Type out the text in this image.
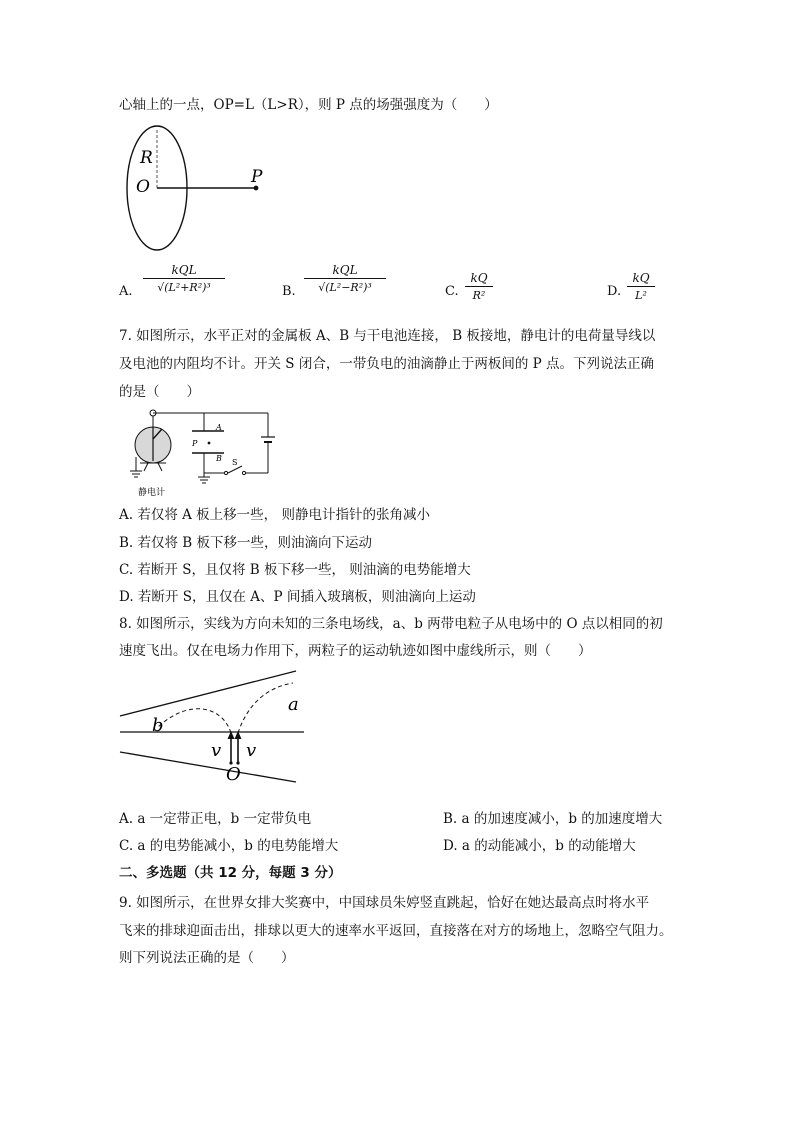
心轴上的一点，OP=L（L>R），则 P 点的场强强度为（　　）
R
O	P
A.
kQL
√(L²+R²)³	B.
kQL
√(L²−R²)³	C. $\frac{kQ}{\text{R²}}$	D. $\frac{kQ}{\text{L²}}$
7. 如图所示，水平正对的金属板 A、B 与干电池连接， B 板接地，静电计的电荷量导线以
及电池的内阻均不计。开关 S 闭合，一带负电的油滴静止于两板间的 P 点。下列说法正确
的是（　　）
A
B
P
S
静电计
A. 若仅将 A 板上移一些， 则静电计指针的张角减小
B. 若仅将 B 板下移一些，则油滴向下运动
C. 若断开 S，且仅将 B 板下移一些， 则油滴的电势能增大
D. 若断开 S，且仅在 A、P 间插入玻璃板，则油滴向上运动
8. 如图所示，实线为方向未知的三条电场线，a、b 两带电粒子从电场中的 O 点以相同的初
速度飞出。仅在电场力作用下，两粒子的运动轨迹如图中虚线所示，则（　　）
b
a
v v
O
A. a 一定带正电，b 一定带负电	B. a 的加速度减小，b 的加速度增大
C. a 的电势能减小，b 的电势能增大	D. a 的动能减小，b 的动能增大
二、多选题（共 12 分，每题 3 分）
9. 如图所示，在世界女排大奖赛中，中国球员朱婷竖直跳起，恰好在她达最高点时将水平
飞来的排球迎面击出，排球以更大的速率水平返回，直接落在对方的场地上，忽略空气阻力。
则下列说法正确的是（　　）
